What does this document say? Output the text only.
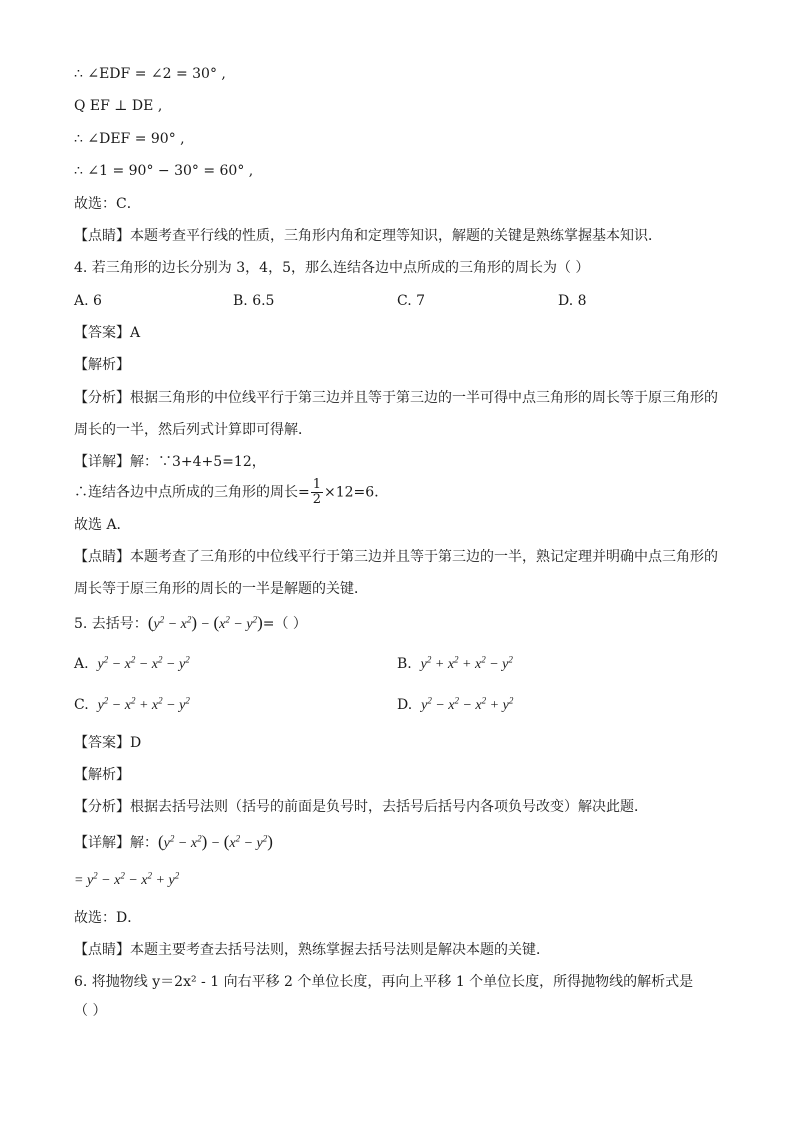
∴ ∠EDF = ∠2 = 30° ,
Q EF ⊥ DE ,
∴ ∠DEF = 90° ,
∴ ∠1 = 90° − 30° = 60° ,
故选：C．
【点睛】本题考查平行线的性质，三角形内角和定理等知识，解题的关键是熟练掌握基本知识．
4. 若三角形的边长分别为 3，4，5，那么连结各边中点所成的三角形的周长为（ ）
A. 6	B. 6.5	C. 7	D. 8
【答案】A
【解析】
【分析】根据三角形的中位线平行于第三边并且等于第三边的一半可得中点三角形的周长等于原三角形的
周长的一半，然后列式计算即可得解．
【详解】解：∵3+4+5=12，
∴连结各边中点所成的三角形的周长= $\frac{1}{2} \times 12=6$．
故选 A．
【点睛】本题考查了三角形的中位线平行于第三边并且等于第三边的一半，熟记定理并明确中点三角形的
周长等于原三角形的周长的一半是解题的关键．
5. 去括号：$(y^2 - x^2) - (x^2 - y^2)=$（ ）
A. $y^2 - x^2 - x^2 - y^2$	B. $y^2 + x^2 + x^2 - y^2$
C. $y^2 - x^2 + x^2 - y^2$	D. $y^2 - x^2 - x^2 + y^2$
【答案】D
【解析】
【分析】根据去括号法则（括号的前面是负号时，去括号后括号内各项负号改变）解决此题．
【详解】解：$(y^2 - x^2) - (x^2 - y^2)$
= $y^2 - x^2 - x^2 + y^2$
故选：D．
【点睛】本题主要考查去括号法则，熟练掌握去括号法则是解决本题的关键．
6. 将抛物线 y＝2x² - 1 向右平移 2 个单位长度，再向上平移 1 个单位长度，所得抛物线的解析式是
（ ）
